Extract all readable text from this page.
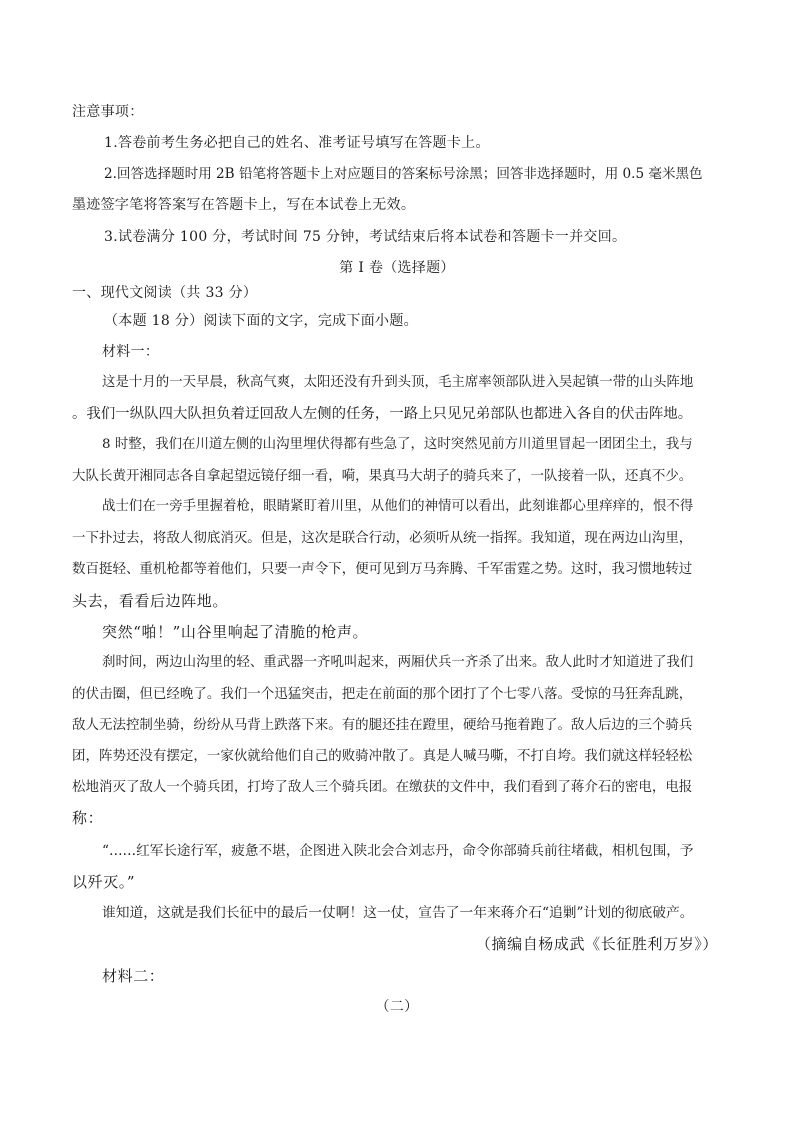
注意事项：
1.答卷前考生务必把自己的姓名、准考证号填写在答题卡上。
2.回答选择题时用 2B 铅笔将答题卡上对应题目的答案标号涂黑；回答非选择题时，用 0.5 毫米黑色
墨迹签字笔将答案写在答题卡上，写在本试卷上无效。
3.试卷满分 100 分，考试时间 75 分钟，考试结束后将本试卷和答题卡一并交回。
第 I 卷（选择题）
一、现代文阅读（共 33 分）
（本题 18 分）阅读下面的文字，完成下面小题。
材料一：
这是十月的一天早晨，秋高气爽，太阳还没有升到头顶，毛主席率领部队进入吴起镇一带的山头阵地
。我们一纵队四大队担负着迂回敌人左侧的任务，一路上只见兄弟部队也都进入各自的伏击阵地。
8 时整，我们在川道左侧的山沟里埋伏得都有些急了，这时突然见前方川道里冒起一团团尘土，我与
大队长黄开湘同志各自拿起望远镜仔细一看，嗬，果真马大胡子的骑兵来了，一队接着一队，还真不少。
战士们在一旁手里握着枪，眼睛紧盯着川里，从他们的神情可以看出，此刻谁都心里痒痒的，恨不得
一下扑过去，将敌人彻底消灭。但是，这次是联合行动，必须听从统一指挥。我知道，现在两边山沟里，
数百挺轻、重机枪都等着他们，只要一声令下，便可见到万马奔腾、千军雷霆之势。这时，我习惯地转过
头去，看看后边阵地。
突然“啪！”山谷里响起了清脆的枪声。
刹时间，两边山沟里的轻、重武器一齐吼叫起来，两厢伏兵一齐杀了出来。敌人此时才知道进了我们
的伏击圈，但已经晚了。我们一个迅猛突击，把走在前面的那个团打了个七零八落。受惊的马狂奔乱跳，
敌人无法控制坐骑，纷纷从马背上跌落下来。有的腿还挂在蹬里，硬给马拖着跑了。敌人后边的三个骑兵
团，阵势还没有摆定，一家伙就给他们自己的败骑冲散了。真是人喊马嘶，不打自垮。我们就这样轻轻松
松地消灭了敌人一个骑兵团，打垮了敌人三个骑兵团。在缴获的文件中，我们看到了蒋介石的密电，电报
称：
“……红军长途行军，疲惫不堪，企图进入陕北会合刘志丹，命令你部骑兵前往堵截，相机包围，予
以歼灭。”
谁知道，这就是我们长征中的最后一仗啊！这一仗，宣告了一年来蒋介石“追剿”计划的彻底破产。
（摘编自杨成武《长征胜利万岁》）
材料二：
（二）
